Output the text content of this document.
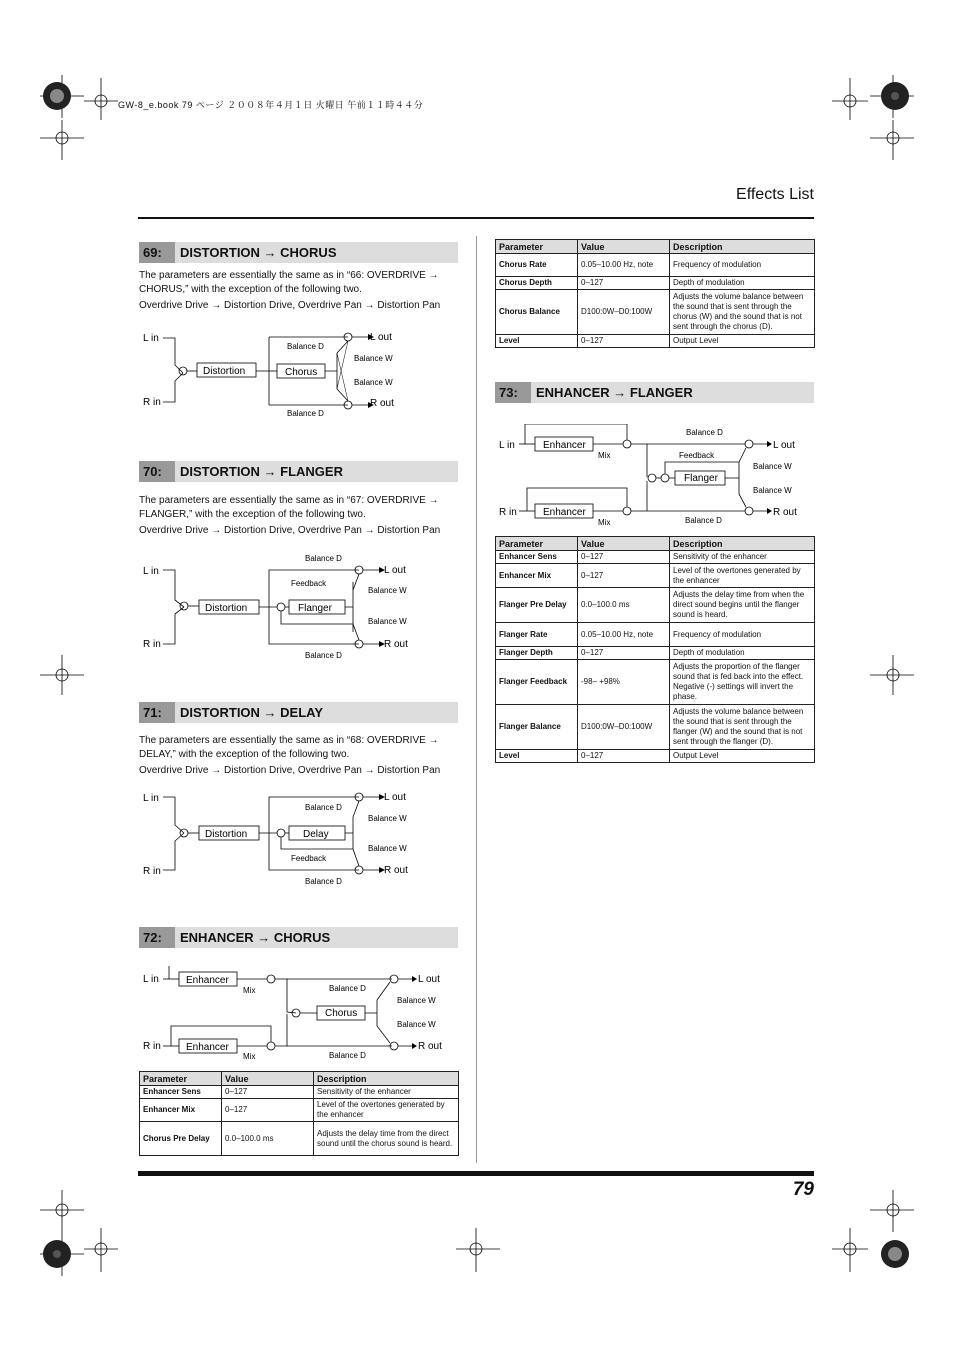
GW-8_e.book 79 ページ ２００８年４月１日 火曜日 午前１１時４４分
Effects List
69:	DISTORTION → CHORUS
The parameters are essentially the same as in “66: OVERDRIVE → CHORUS,” with the exception of the following two.
Overdrive Drive → Distortion Drive, Overdrive Pan → Distortion Pan
L in
R in
Distortion	Chorus
Balance D
Balance D
Balance W
Balance W
L out
R out
70:	DISTORTION → FLANGER
The parameters are essentially the same as in “67: OVERDRIVE → FLANGER,” with the exception of the following two.
Overdrive Drive → Distortion Drive, Overdrive Pan → Distortion Pan
L in
R in
Distortion	Flanger
Balance D
Feedback
Balance D
Balance W
Balance W
L out
R out
71:	DISTORTION → DELAY
The parameters are essentially the same as in “68: OVERDRIVE → DELAY,” with the exception of the following two.
Overdrive Drive → Distortion Drive, Overdrive Pan → Distortion Pan
L in
R in
Distortion	Delay
Balance D
Feedback
Balance D
Balance W
Balance W
L out
R out
72:	ENHANCER → CHORUS
L in
R in
Enhancer
Enhancer
Chorus
Mix
Mix
Balance D
Balance D
Balance W
Balance W
L out
R out
Parameter	Value	Description
Enhancer Sens	0–127	Sensitivity of the enhancer
Enhancer Mix	0–127	Level of the overtones generated by the enhancer
Chorus Pre Delay	0.0–100.0 ms	Adjusts the delay time from the direct sound until the chorus sound is heard.
Parameter	Value	Description
Chorus Rate	0.05–10.00 Hz, note	Frequency of modulation
Chorus Depth	0–127	Depth of modulation
Chorus Balance	D100:0W–D0:100W	Adjusts the volume balance between the sound that is sent through the chorus (W) and the sound that is not sent through the chorus (D).
Level	0–127	Output Level
73:	ENHANCER → FLANGER
L in
R in
Enhancer
Enhancer
Flanger
Mix
Mix
Balance D
Feedback
Balance D
Balance W
Balance W
L out
R out
Parameter	Value	Description
Enhancer Sens	0–127	Sensitivity of the enhancer
Enhancer Mix	0–127	Level of the overtones generated by the enhancer
Flanger Pre Delay	0.0–100.0 ms	Adjusts the delay time from when the direct sound begins until the flanger sound is heard.
Flanger Rate	0.05–10.00 Hz, note	Frequency of modulation
Flanger Depth	0–127	Depth of modulation
Flanger Feedback	-98– +98%	Adjusts the proportion of the flanger sound that is fed back into the effect. Negative (-) settings will invert the phase.
Flanger Balance	D100:0W–D0:100W	Adjusts the volume balance between the sound that is sent through the flanger (W) and the sound that is not sent through the flanger (D).
Level	0–127	Output Level
79
